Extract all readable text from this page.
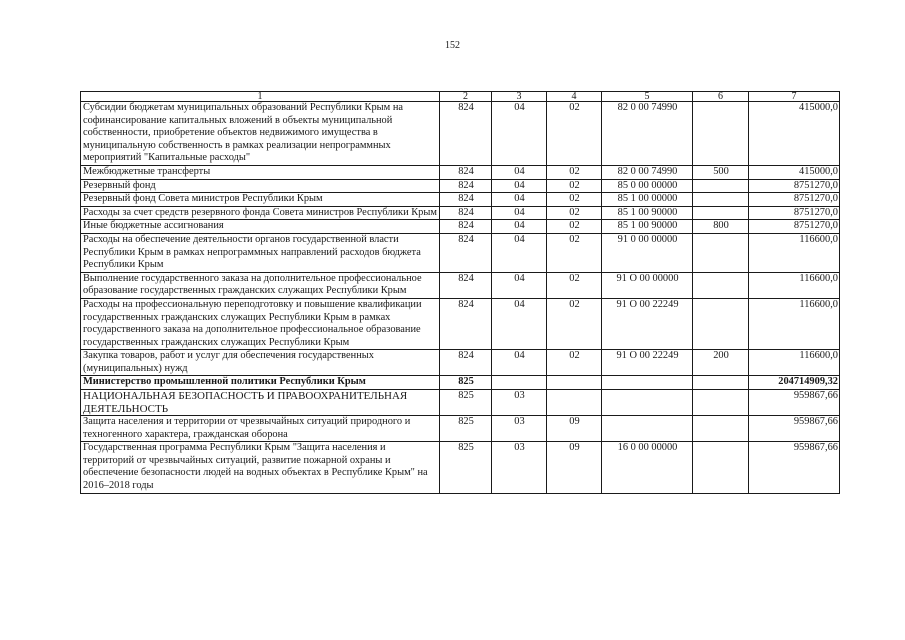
152
1	2	3	4	5	6	7
Субсидии бюджетам муниципальных образований Республики Крым на софинансирование капитальных вложений в объекты муниципальной собственности, приобретение объектов недвижимого имущества в муниципальную собственность в рамках реализации непрограммных мероприятий "Капитальные расходы"	824	04	02	82 0 00 74990		415000,0
Межбюджетные трансферты	824	04	02	82 0 00 74990	500	415000,0
Резервный фонд	824	04	02	85 0 00 00000		8751270,0
Резервный фонд Совета министров Республики Крым	824	04	02	85 1 00 00000		8751270,0
Расходы за счет средств резервного фонда Совета министров Республики Крым	824	04	02	85 1 00 90000		8751270,0
Иные бюджетные ассигнования	824	04	02	85 1 00 90000	800	8751270,0
Расходы на обеспечение деятельности органов государственной власти Республики Крым в рамках непрограммных направлений расходов бюджета Республики Крым	824	04	02	91 0 00 00000		116600,0
Выполнение государственного заказа на дополнительное профессиональное образование государственных гражданских служащих Республики Крым	824	04	02	91 О 00 00000		116600,0
Расходы на профессиональную переподготовку и повышение квалификации государственных гражданских служащих Республики Крым в рамках государственного заказа на дополнительное профессиональное образование государственных гражданских служащих Республики Крым	824	04	02	91 О 00 22249		116600,0
Закупка товаров, работ и услуг для обеспечения государственных (муниципальных) нужд	824	04	02	91 О 00 22249	200	116600,0
Министерство промышленной политики Республики Крым	825					204714909,32
НАЦИОНАЛЬНАЯ БЕЗОПАСНОСТЬ И ПРАВООХРАНИТЕЛЬНАЯ ДЕЯТЕЛЬНОСТЬ	825	03				959867,66
Защита населения и территории от чрезвычайных ситуаций природного и техногенного характера, гражданская оборона	825	03	09			959867,66
Государственная программа Республики Крым "Защита населения и территорий от чрезвычайных ситуаций, развитие пожарной охраны и обеспечение безопасности людей на водных объектах в Республике Крым" на 2016–2018 годы	825	03	09	16 0 00 00000		959867,66
